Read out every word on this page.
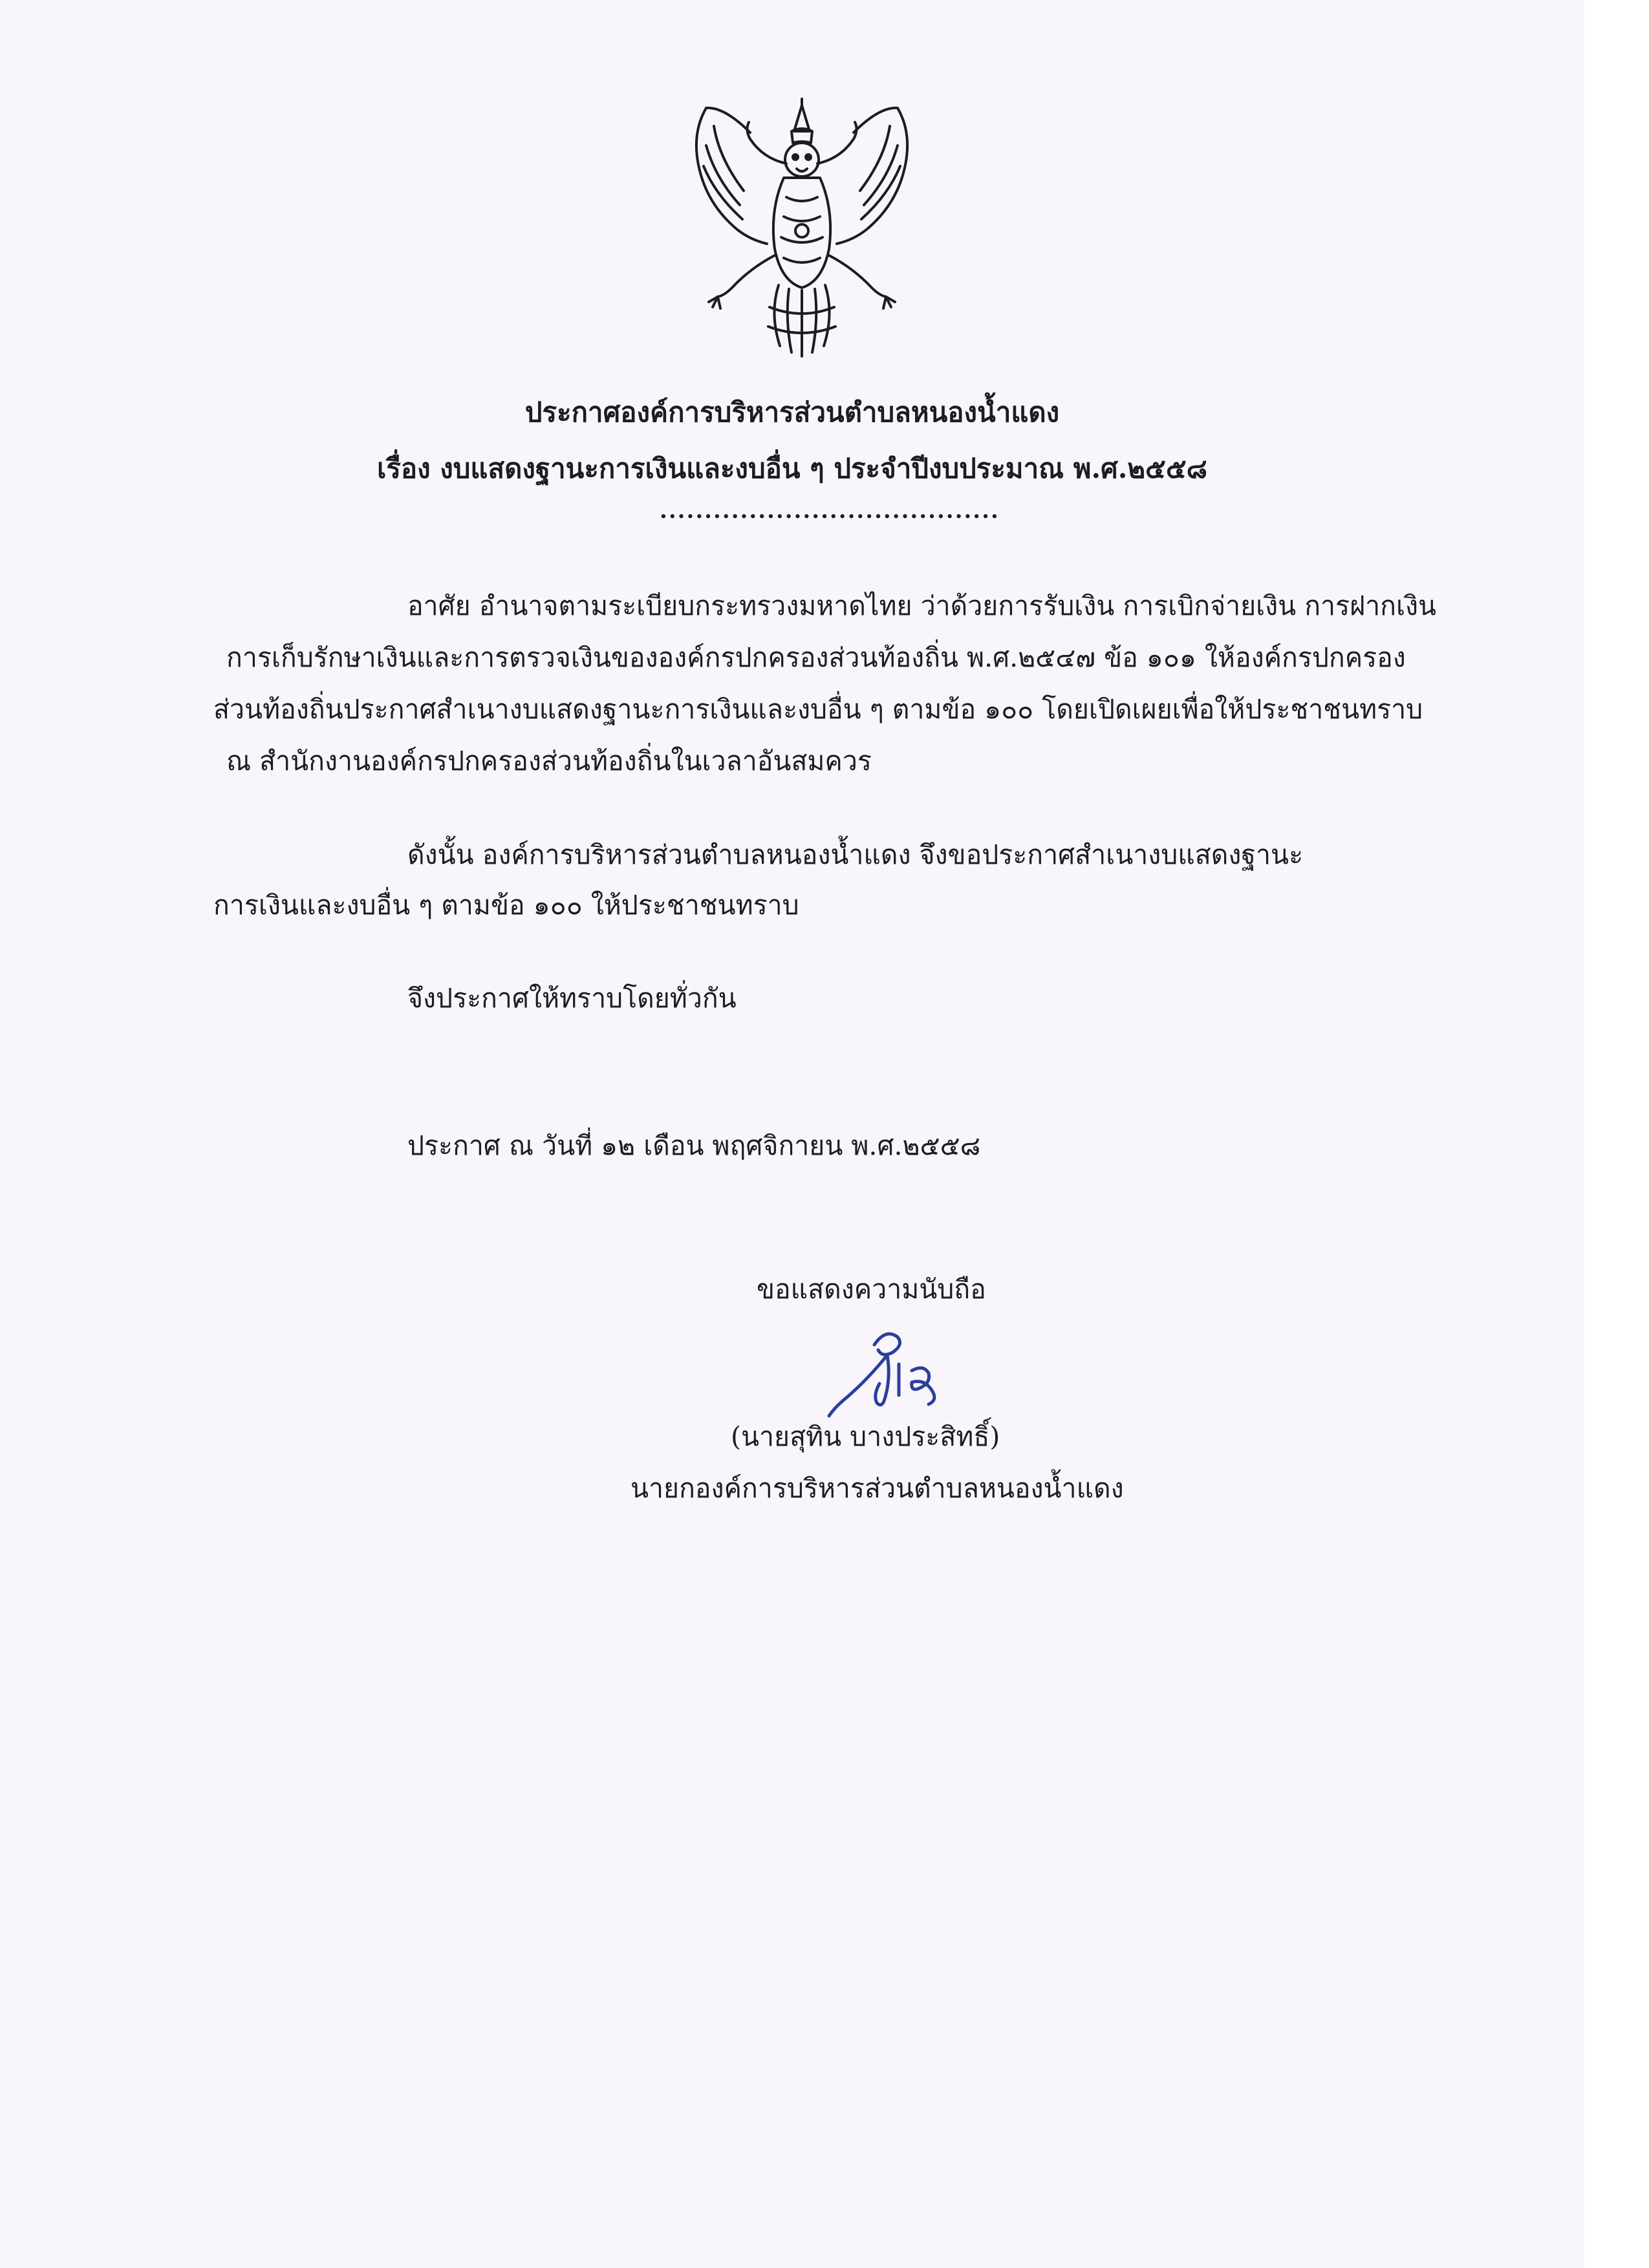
ประกาศองค์การบริหารส่วนตำบลหนองน้ำแดง
เรื่อง งบแสดงฐานะการเงินและงบอื่น ๆ ประจำปีงบประมาณ พ.ศ.๒๕๕๘
......................................
อาศัย อำนาจตามระเบียบกระทรวงมหาดไทย ว่าด้วยการรับเงิน การเบิกจ่ายเงิน การฝากเงิน
การเก็บรักษาเงินและการตรวจเงินขององค์กรปกครองส่วนท้องถิ่น พ.ศ.๒๕๔๗ ข้อ ๑๐๑ ให้องค์กรปกครอง
ส่วนท้องถิ่นประกาศสำเนางบแสดงฐานะการเงินและงบอื่น ๆ ตามข้อ ๑๐๐ โดยเปิดเผยเพื่อให้ประชาชนทราบ
ณ สำนักงานองค์กรปกครองส่วนท้องถิ่นในเวลาอันสมควร
ดังนั้น องค์การบริหารส่วนตำบลหนองน้ำแดง จึงขอประกาศสำเนางบแสดงฐานะ
การเงินและงบอื่น ๆ ตามข้อ ๑๐๐ ให้ประชาชนทราบ
จึงประกาศให้ทราบโดยทั่วกัน
ประกาศ ณ วันที่ ๑๒ เดือน พฤศจิกายน พ.ศ.๒๕๕๘
ขอแสดงความนับถือ
(นายสุทิน บางประสิทธิ์)
นายกองค์การบริหารส่วนตำบลหนองน้ำแดง
